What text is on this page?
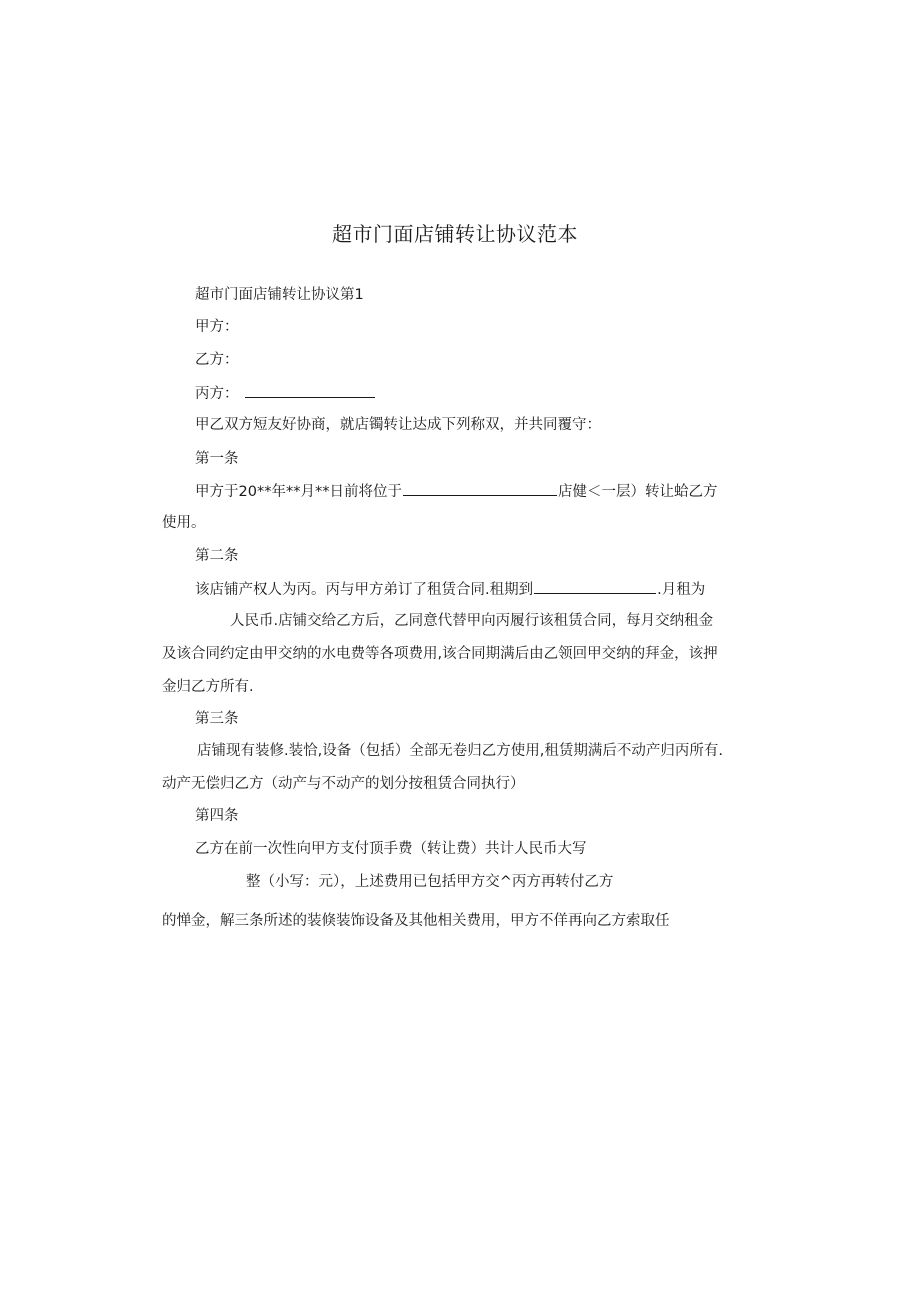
超市门面店铺转让协议范本
超市门面店铺转让协议第1
甲方：
乙方：
丙方：
甲乙双方短友好协商，就店镯转让达成下列称双，并共同覆守：
第一条
甲方于20**年**月**日前将位于	店健＜一层）转让蛤乙方
使用。
第二条
该店铺产权人为丙。丙与甲方弟订了租赁合同.租期到	.月租为
人民币.店铺交给乙方后，乙同意代替甲向丙履行该租赁合同，每月交纳租金
及该合同约定由甲交纳的水电费等各项费用,该合同期满后由乙领回甲交纳的拜金，该押
金归乙方所有.
第三条
店铺现有装修.装恰,设备（包括）全部无卷归乙方使用,租赁期满后不动产归丙所有.
动产无偿归乙方（动产与不动产的划分按租赁合同执行）
第四条
乙方在前一次性向甲方支付顶手费（转让费）共计人民币大写
整（小写：元），上述费用已包括甲方交^丙方再转付乙方
的惮金，解三条所述的装倏装饰设备及其他相关费用，甲方不佯再向乙方索取任
